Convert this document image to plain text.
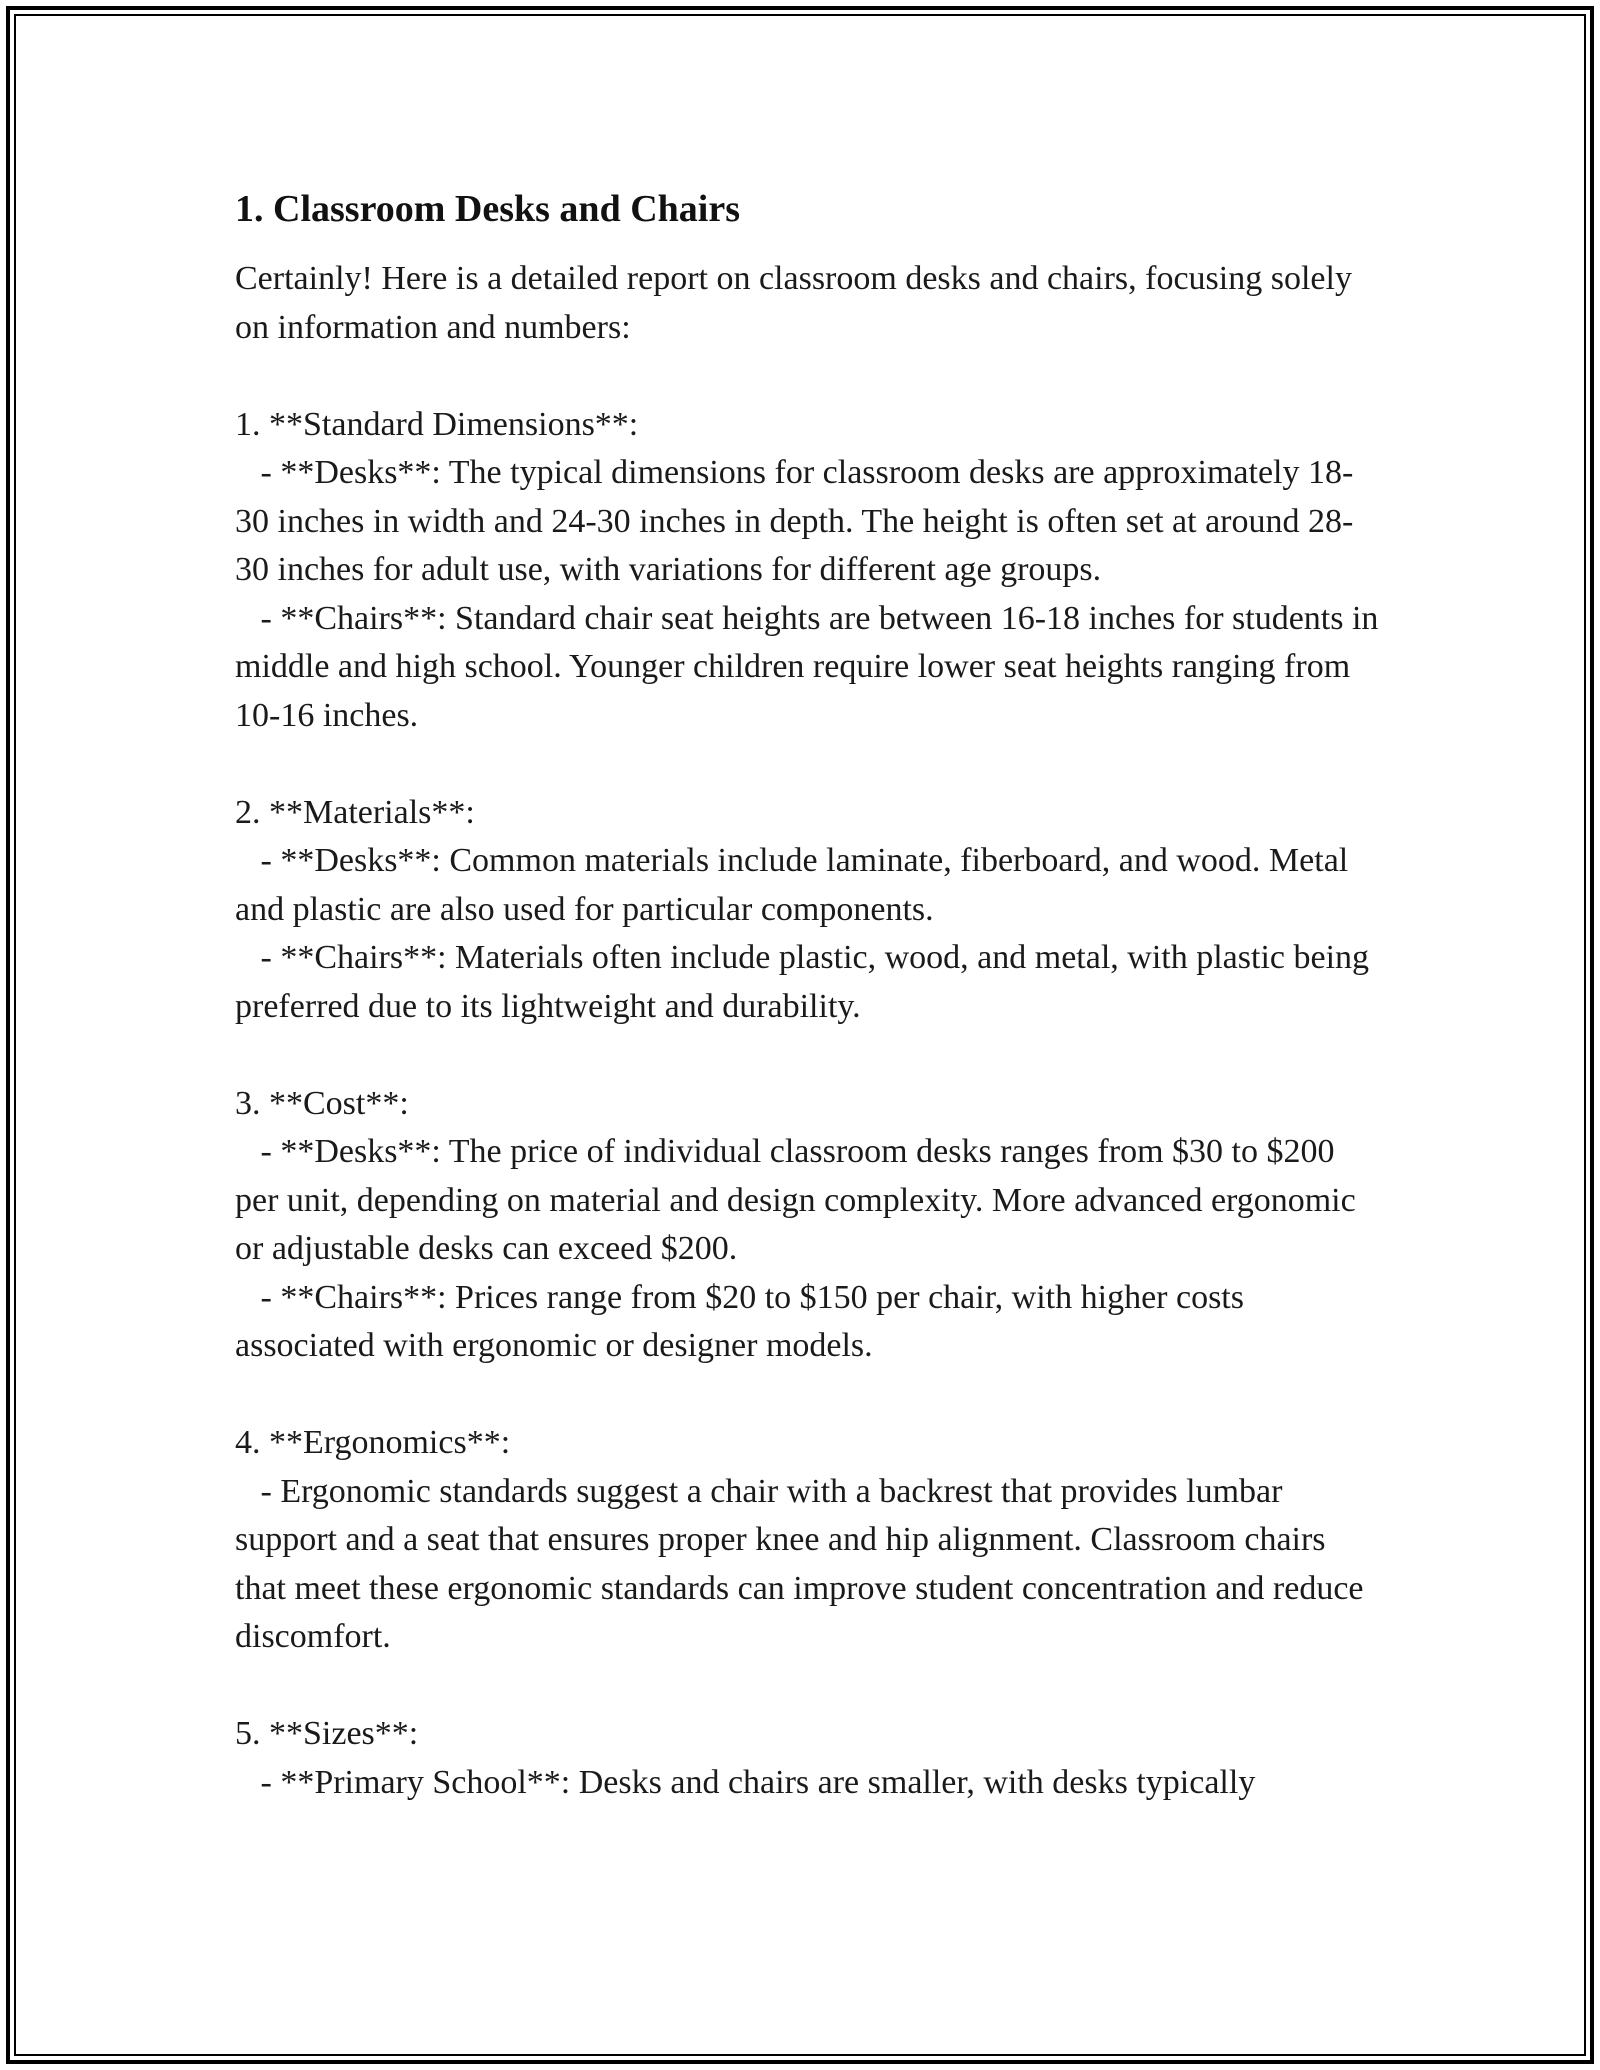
1. Classroom Desks and Chairs

Certainly! Here is a detailed report on classroom desks and chairs, focusing solely on information and numbers:

1. **Standard Dimensions**:

- **Desks**: The typical dimensions for classroom desks are approximately 18-30 inches in width and 24-30 inches in depth. The height is often set at around 28-30 inches for adult use, with variations for different age groups.

- **Chairs**: Standard chair seat heights are between 16-18 inches for students in middle and high school. Younger children require lower seat heights ranging from 10-16 inches.

2. **Materials**:

- **Desks**: Common materials include laminate, fiberboard, and wood. Metal and plastic are also used for particular components.

- **Chairs**: Materials often include plastic, wood, and metal, with plastic being preferred due to its lightweight and durability.

3. **Cost**:

- **Desks**: The price of individual classroom desks ranges from $30 to $200 per unit, depending on material and design complexity. More advanced ergonomic or adjustable desks can exceed $200.

- **Chairs**: Prices range from $20 to $150 per chair, with higher costs associated with ergonomic or designer models.

4. **Ergonomics**:

- Ergonomic standards suggest a chair with a backrest that provides lumbar support and a seat that ensures proper knee and hip alignment. Classroom chairs that meet these ergonomic standards can improve student concentration and reduce discomfort.

5. **Sizes**:

- **Primary School**: Desks and chairs are smaller, with desks typically
